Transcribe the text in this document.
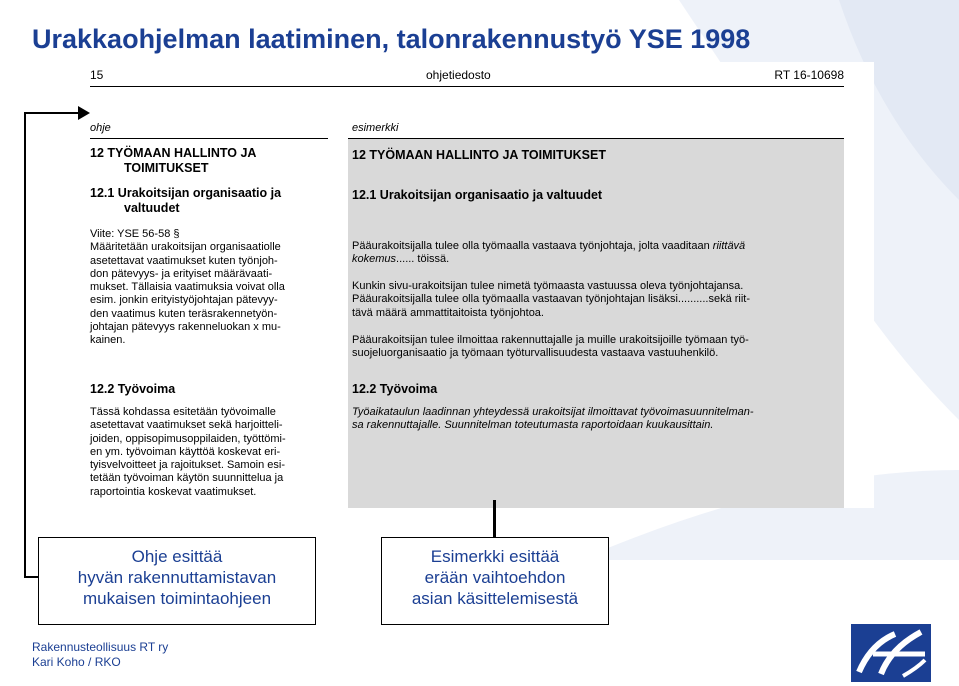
Urakkaohjelman laatiminen, talonrakennustyö YSE 1998
15	ohjetiedosto	RT 16-10698
ohje
12 TYÖMAAN HALLINTO JA
TOIMITUKSET
12.1 Urakoitsijan organisaatio ja
valtuudet
Viite: YSE 56-58 §
Määritetään urakoitsijan organisaatiolle
asetettavat vaatimukset kuten työnjoh-
don pätevyys- ja erityiset määrävaati-
mukset. Tällaisia vaatimuksia voivat olla
esim. jonkin erityistyöjohtajan pätevyy-
den vaatimus kuten teräsrakennetyön-
johtajan pätevyys rakenneluokan x mu-
kainen.
12.2 Työvoima
Tässä kohdassa esitetään työvoimalle
asetettavat vaatimukset sekä harjoitteli-
joiden, oppisopimusoppilaiden, työttömi-
en ym. työvoiman käyttöä koskevat eri-
tyisvelvoitteet ja rajoitukset. Samoin esi-
tetään työvoiman käytön suunnittelua ja
raportointia koskevat vaatimukset.
esimerkki
12 TYÖMAAN HALLINTO JA TOIMITUKSET
12.1 Urakoitsijan organisaatio ja valtuudet
Pääurakoitsijalla tulee olla työmaalla vastaava työnjohtaja, jolta vaaditaan riittävä
kokemus...... töissä.
Kunkin sivu-urakoitsijan tulee nimetä työmaasta vastuussa oleva työnjohtajansa.
Pääurakoitsijalla tulee olla työmaalla vastaavan työnjohtajan lisäksi..........sekä riit-
tävä määrä ammattitaitoista työnjohtoa.
Pääurakoitsijan tulee ilmoittaa rakennuttajalle ja muille urakoitsijoille työmaan työ-
suojeluorganisaatio ja työmaan työturvallisuudesta vastaava vastuuhenkilö.
12.2 Työvoima
Työaikataulun laadinnan yhteydessä urakoitsijat ilmoittavat työvoimasuunnitelman-
sa rakennuttajalle. Suunnitelman toteutumasta raportoidaan kuukausittain.
Ohje esittää
hyvän rakennuttamistavan
mukaisen toimintaohjeen
Esimerkki esittää
erään vaihtoehdon
asian käsittelemisestä
Rakennusteollisuus RT ry
Kari Koho / RKO
